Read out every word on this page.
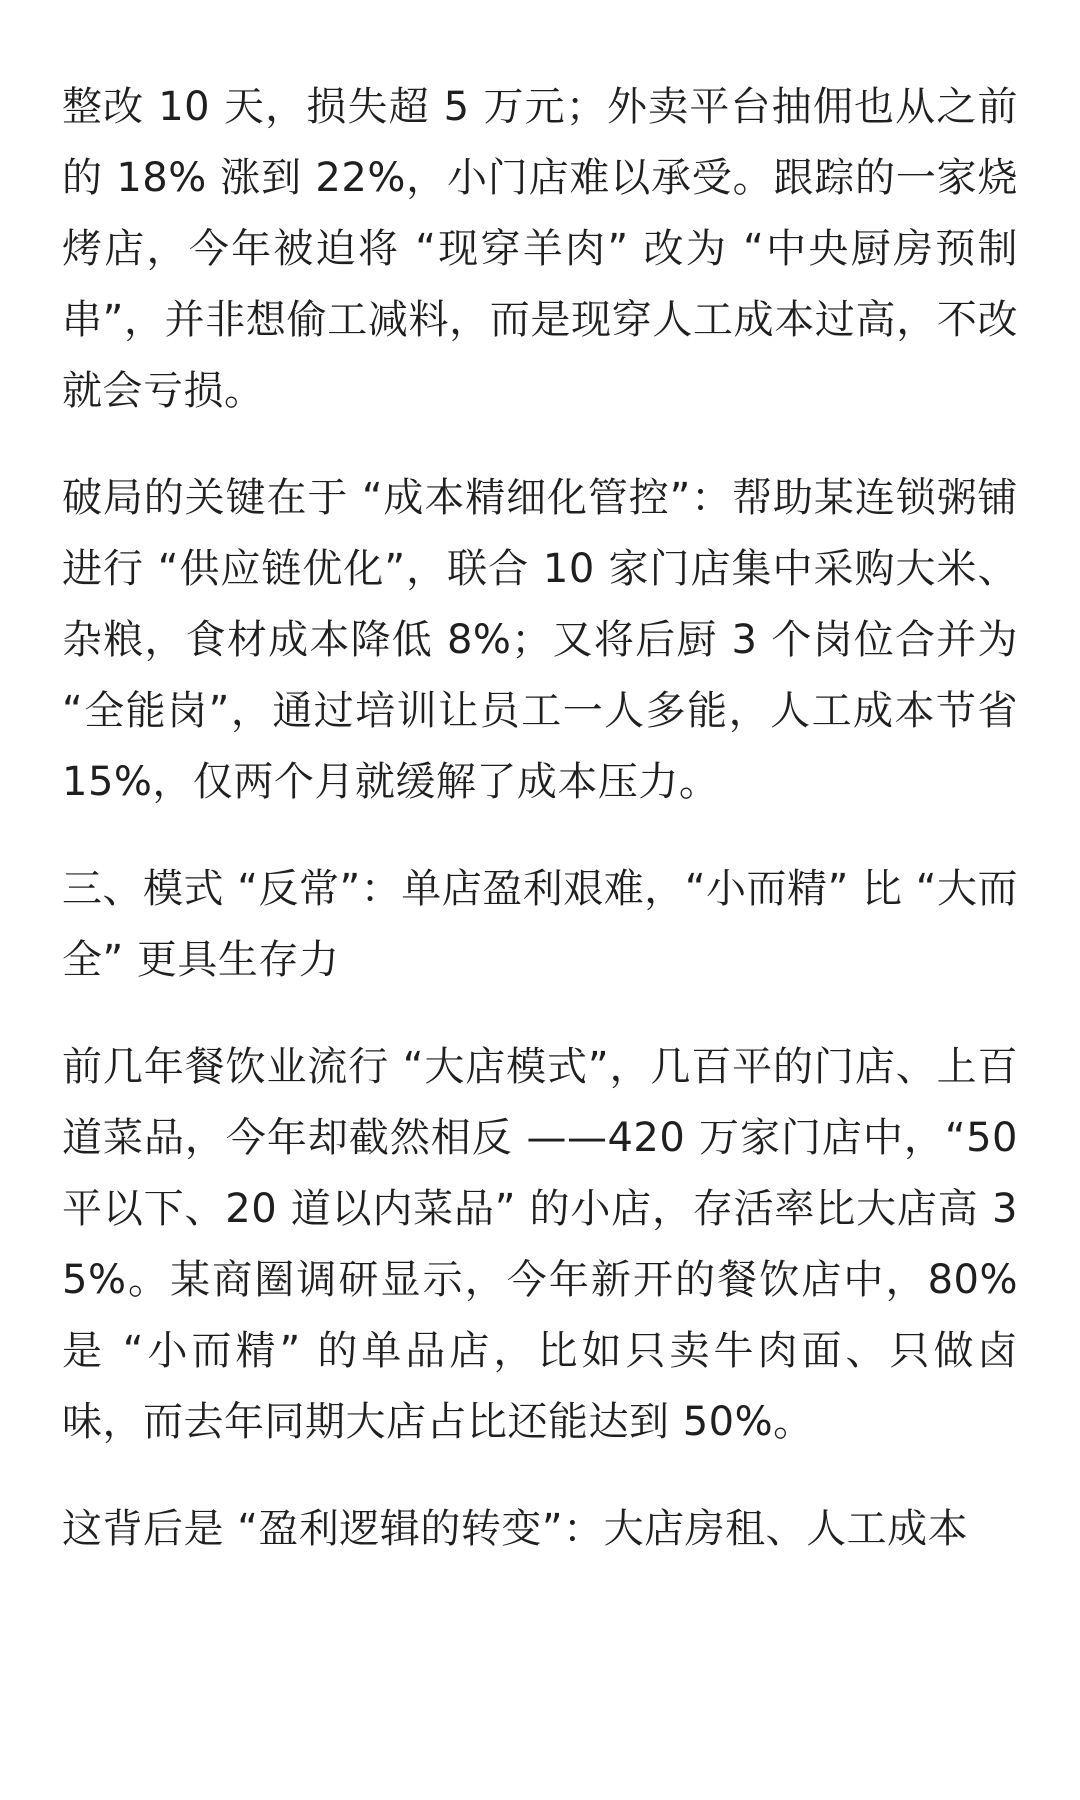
整改 10 天，损失超 5 万元；外卖平台抽佣也从之前的 18% 涨到 22%，小门店难以承受。跟踪的一家烧烤店，今年被迫将 “现穿羊肉” 改为 “中央厨房预制串”，并非想偷工减料，而是现穿人工成本过高，不改就会亏损。

破局的关键在于 “成本精细化管控”：帮助某连锁粥铺进行 “供应链优化”，联合 10 家门店集中采购大米、杂粮，食材成本降低 8%；又将后厨 3 个岗位合并为 “全能岗”，通过培训让员工一人多能，人工成本节省 15%，仅两个月就缓解了成本压力。

三、模式 “反常”：单店盈利艰难，“小而精” 比 “大而全” 更具生存力

前几年餐饮业流行 “大店模式”，几百平的门店、上百道菜品，今年却截然相反 ——420 万家门店中，“50 平以下、20 道以内菜品” 的小店，存活率比大店高 35%。某商圈调研显示，今年新开的餐饮店中，80% 是 “小而精” 的单品店，比如只卖牛肉面、只做卤味，而去年同期大店占比还能达到 50%。

这背后是 “盈利逻辑的转变”：大店房租、人工成本
